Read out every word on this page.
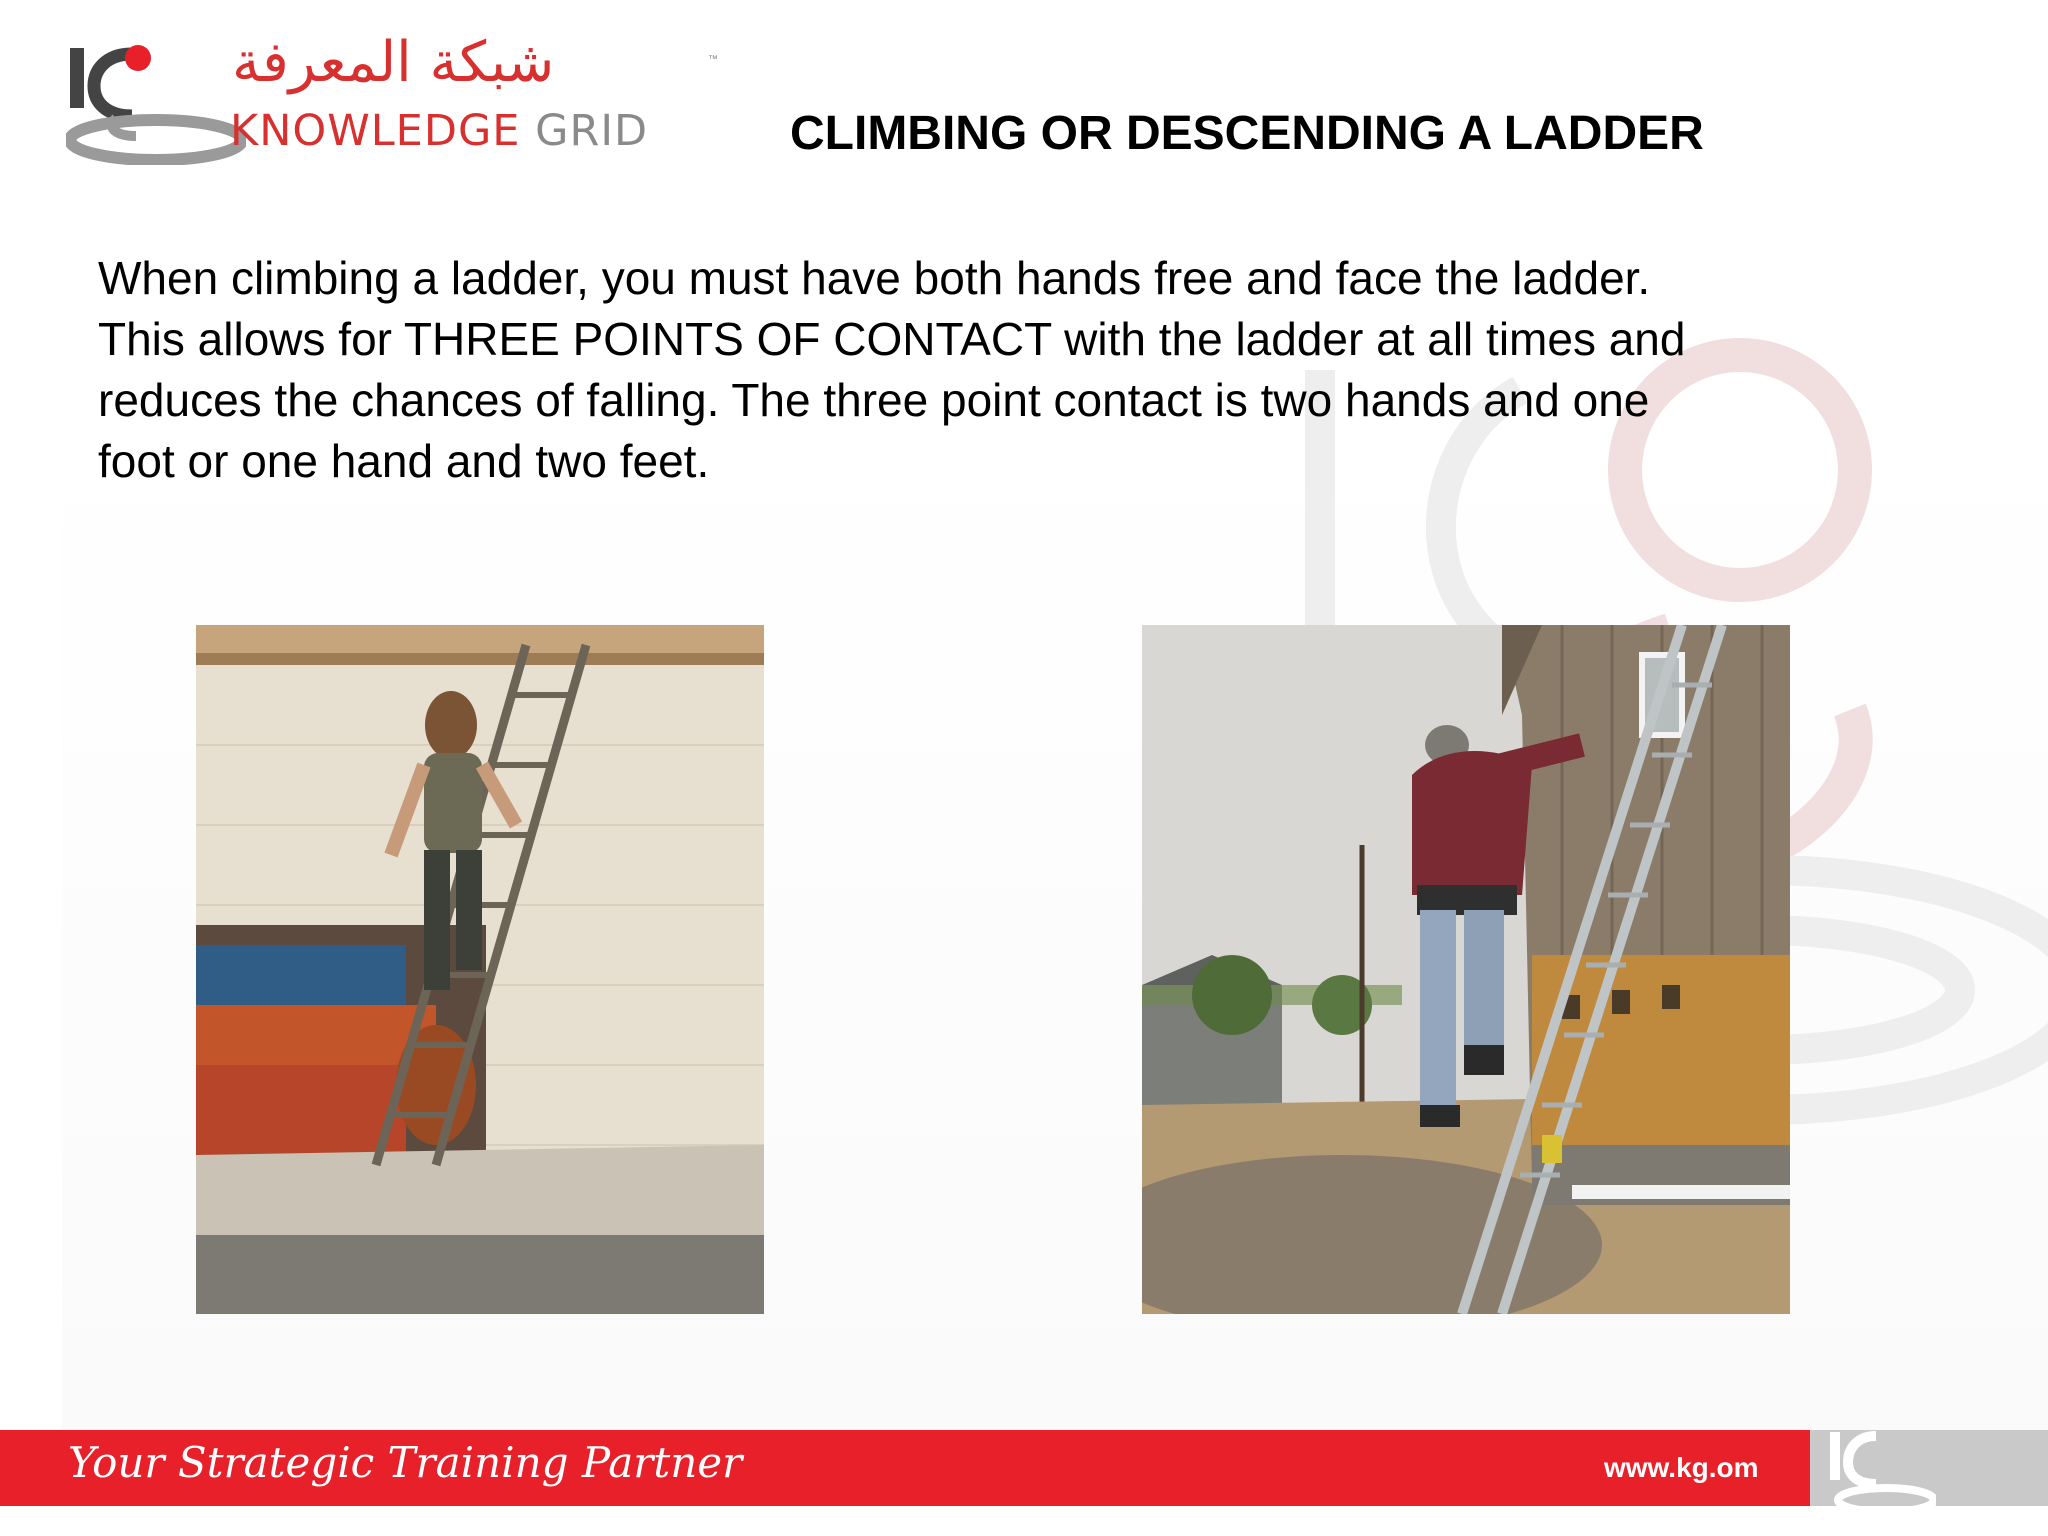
شبكة المعرفة	™
KNOWLEDGE GRID	CLIMBING OR DESCENDING A LADDER
When climbing a ladder, you must have both hands free and face the ladder.
This allows for THREE POINTS OF CONTACT with the ladder at all times and
reduces the chances of falling. The three point contact is two hands and one
foot or one hand and two feet.
Your Strategic Training Partner	www.kg.om
